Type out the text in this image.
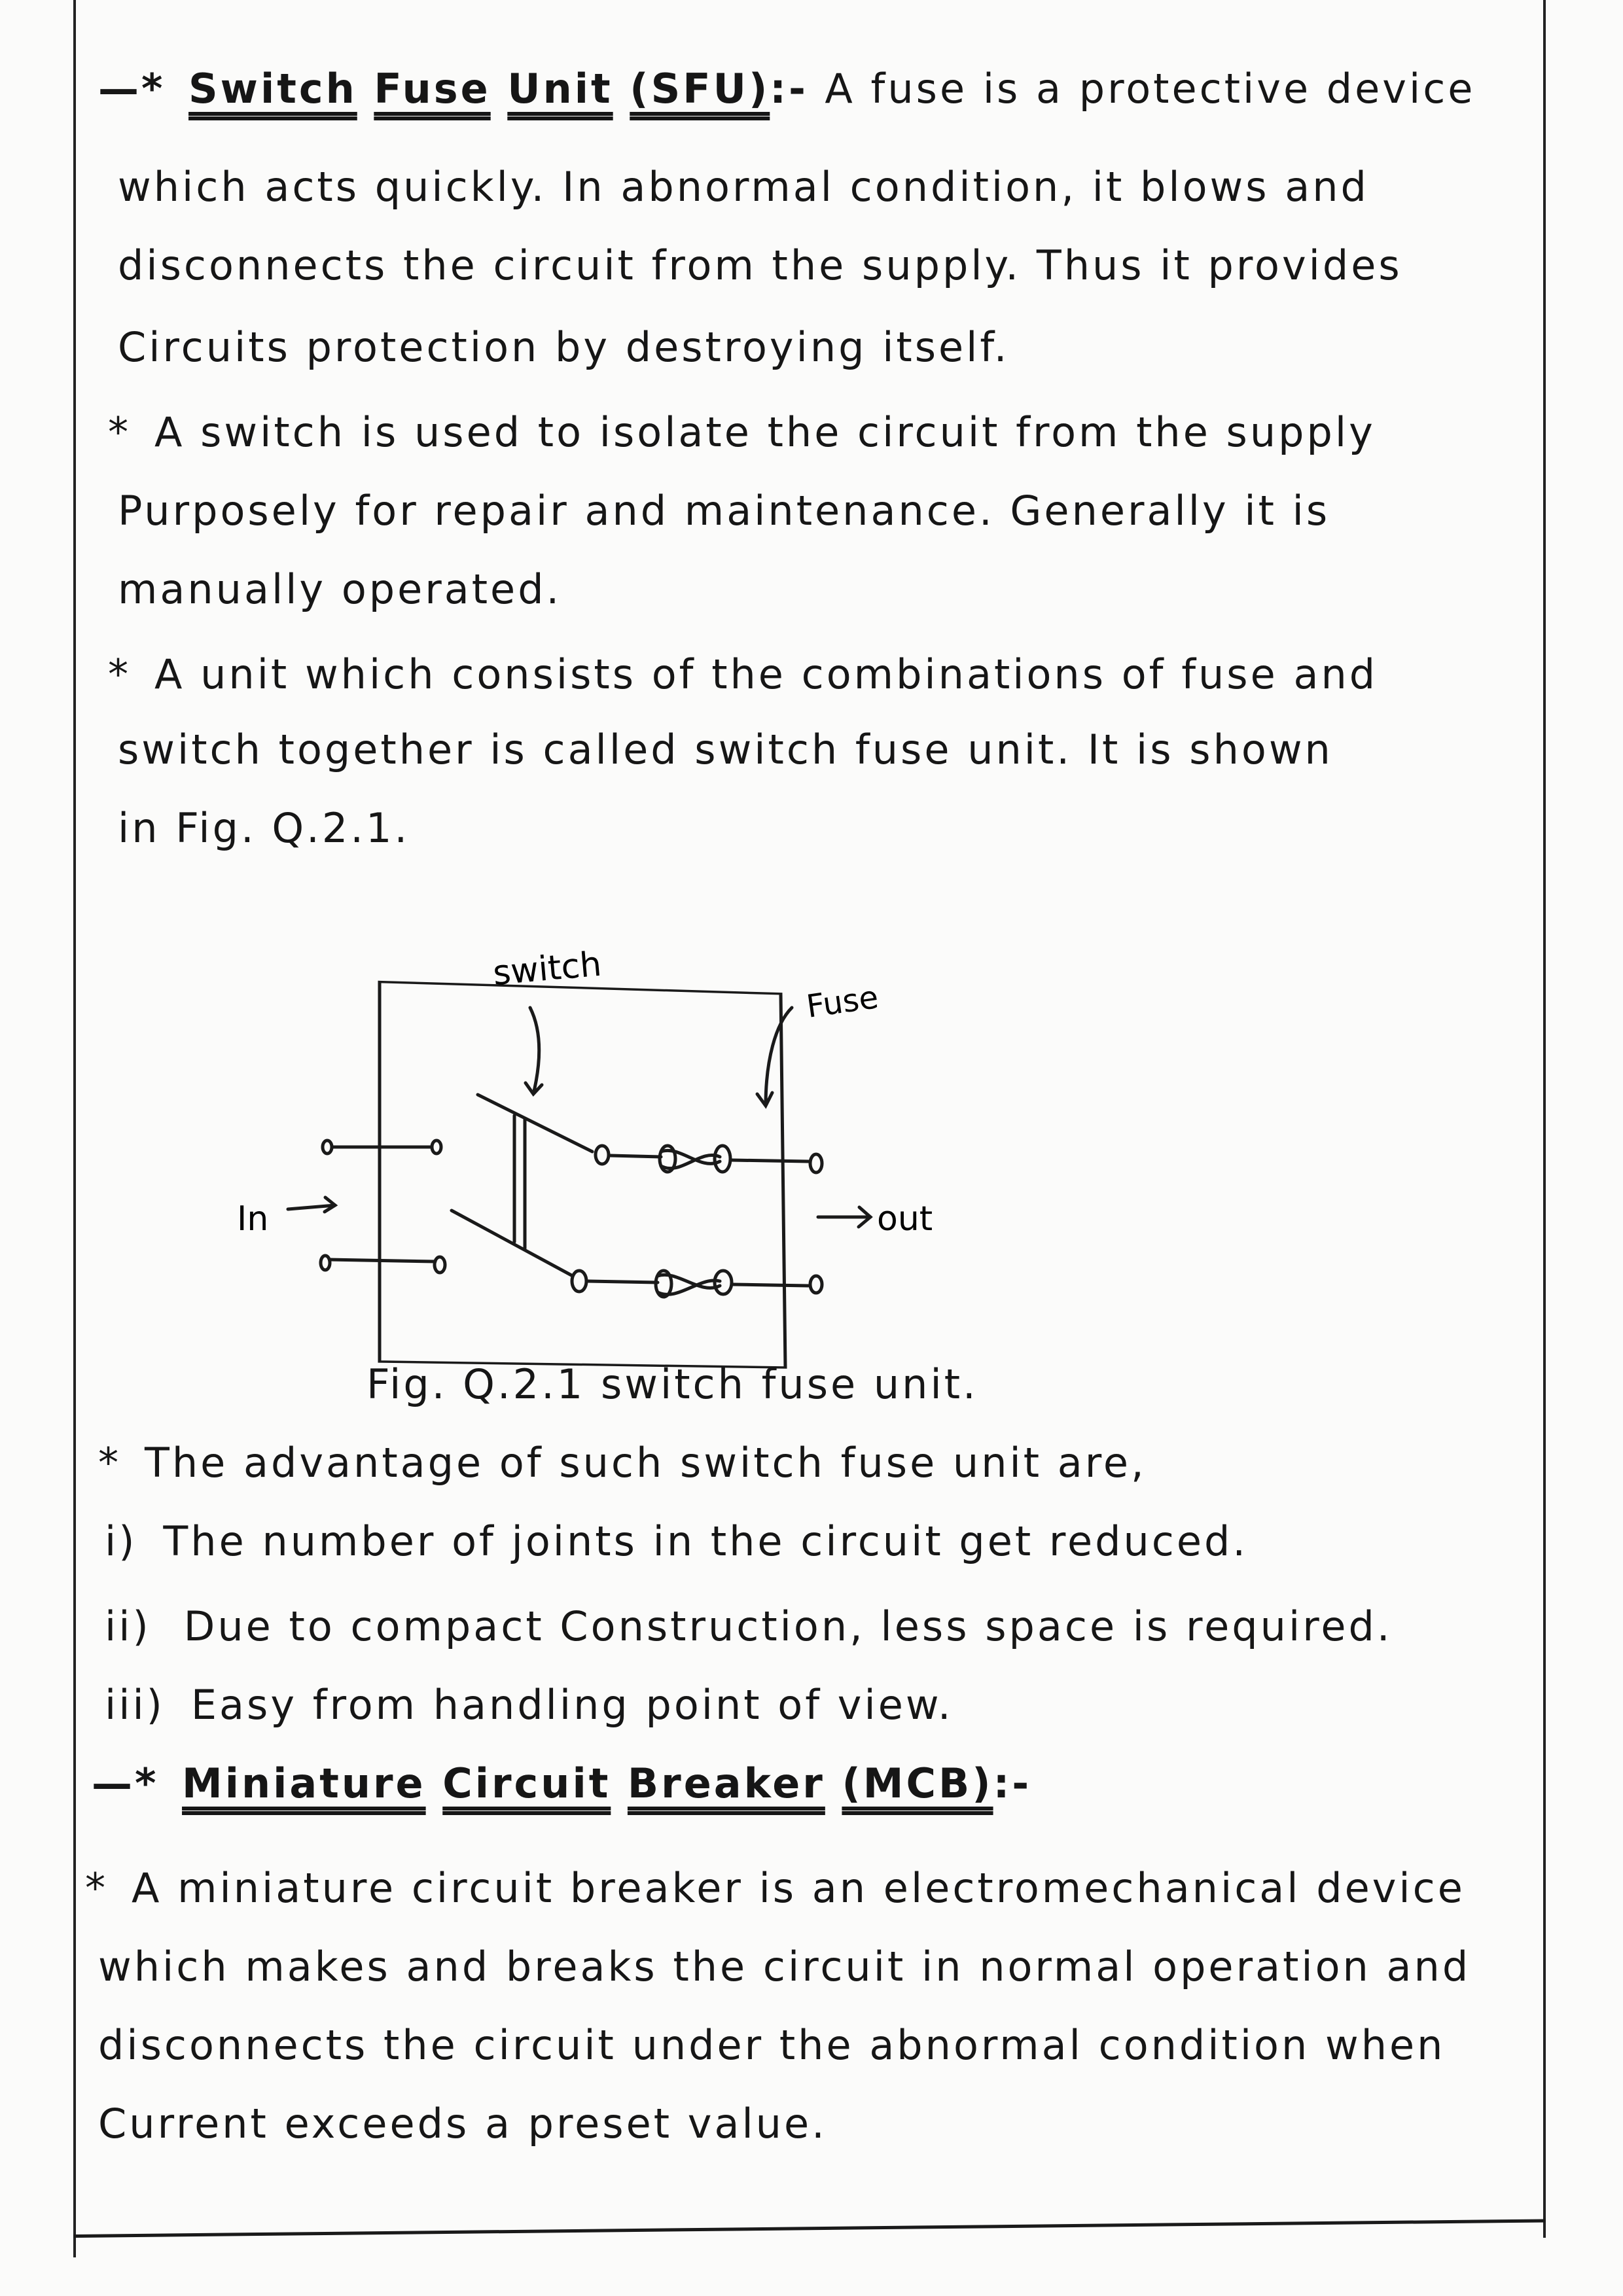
—* Switch Fuse Unit (SFU):- A fuse is a protective device
which acts quickly. In abnormal condition, it blows and
disconnects the circuit from the supply. Thus it provides
Circuits protection by destroying itself.
* A switch is used to isolate the circuit from the supply
Purposely for repair and maintenance. Generally it is
manually operated.
* A unit which consists of the combinations of fuse and
switch together is called switch fuse unit. It is shown
in Fig. Q.2.1.
switch
Fuse
In	out
Fig. Q.2.1 switch fuse unit.
* The advantage of such switch fuse unit are,
i) The number of joints in the circuit get reduced.
ii) Due to compact Construction, less space is required.
iii) Easy from handling point of view.
—* Miniature Circuit Breaker (MCB):-
* A miniature circuit breaker is an electromechanical device
which makes and breaks the circuit in normal operation and
disconnects the circuit under the abnormal condition when
Current exceeds a preset value.
